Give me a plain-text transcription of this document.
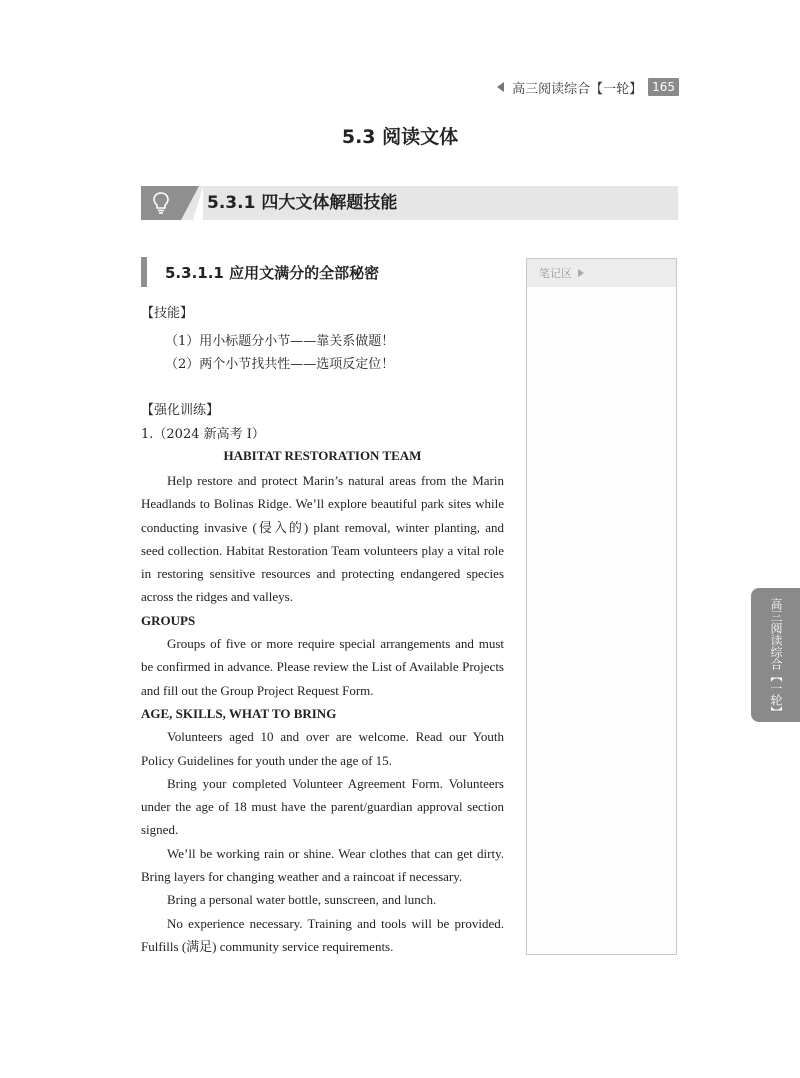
高三阅读综合【一轮】 165
5.3 阅读文体
5.3.1 四大文体解题技能
5.3.1.1 应用文满分的全部秘密	笔记区
【技能】
（1）用小标题分小节——靠关系做题！
（2）两个小节找共性——选项反定位！
【强化训练】
1.（2024 新高考 Ⅰ）
HABITAT RESTORATION TEAM

Help restore and protect Marin’s natural areas from the Marin Headlands to Bolinas Ridge. We’ll explore beautiful park sites while conducting invasive (侵入的) plant removal, winter planting, and seed collection. Habitat Restoration Team volunteers play a vital role in restoring sensitive resources and protecting endangered species across the ridges and valleys.

GROUPS

Groups of five or more require special arrangements and must be confirmed in advance. Please review the List of Available Projects and fill out the Group Project Request Form.

AGE, SKILLS, WHAT TO BRING

Volunteers aged 10 and over are welcome. Read our Youth Policy Guidelines for youth under the age of 15.

Bring your completed Volunteer Agreement Form. Volunteers under the age of 18 must have the parent/guardian approval section signed.

We’ll be working rain or shine. Wear clothes that can get dirty. Bring layers for changing weather and a raincoat if necessary.

Bring a personal water bottle, sunscreen, and lunch.

No experience necessary. Training and tools will be provided. Fulfills (满足) community service requirements.

高三阅读综合【一轮】
